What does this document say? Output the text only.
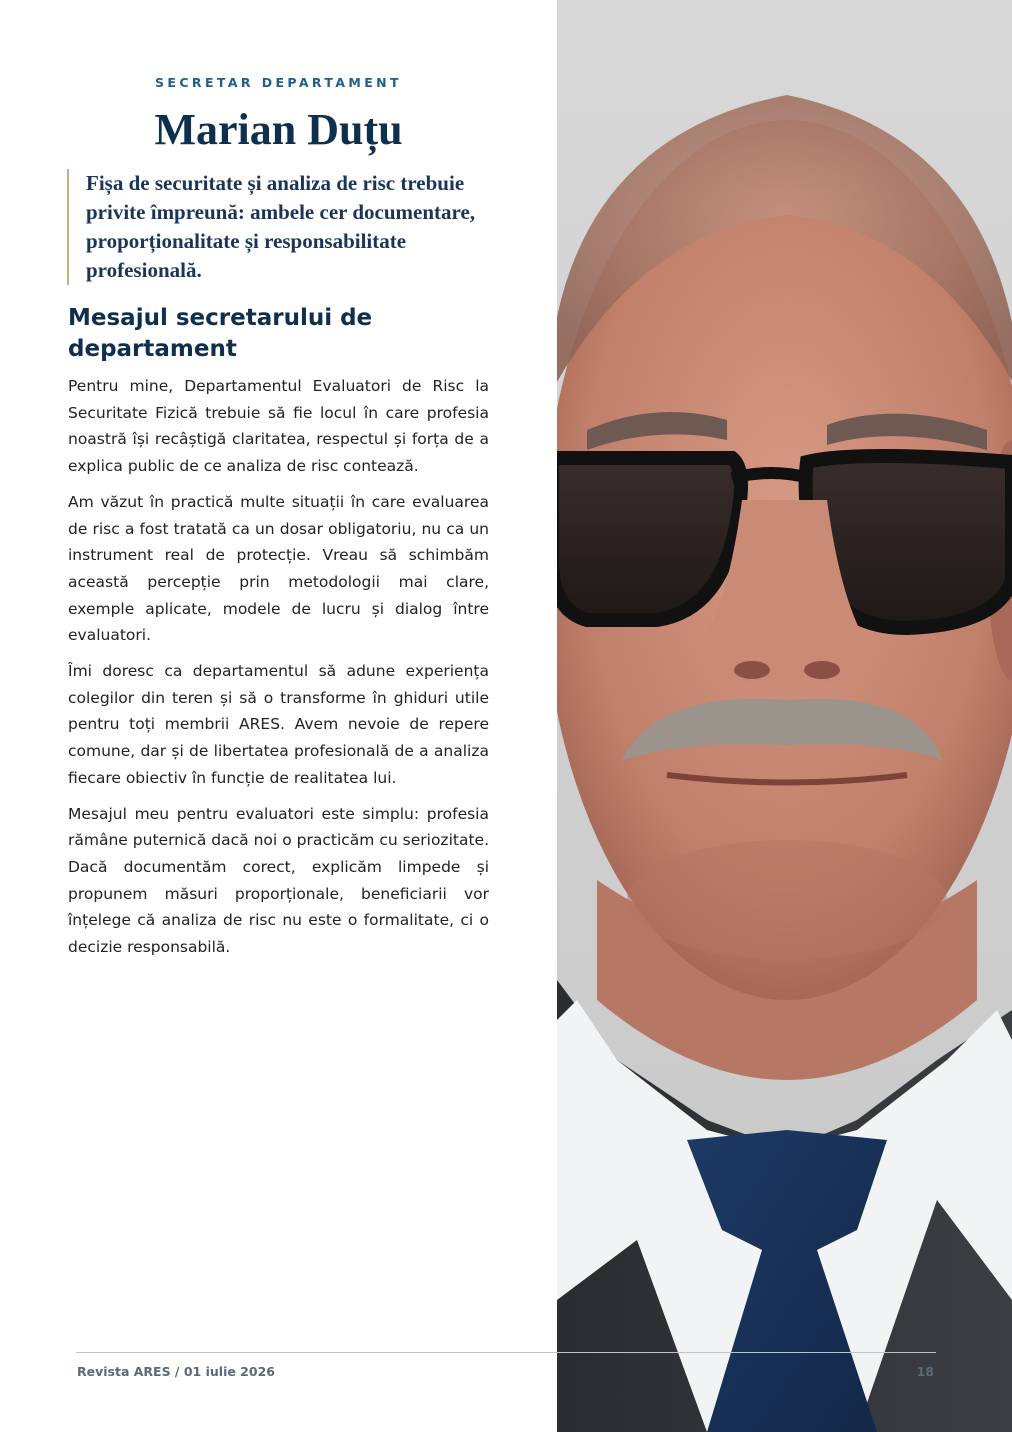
SECRETAR DEPARTAMENT
Marian Duțu
Fișa de securitate și analiza de risc trebuie privite împreună: ambele cer documentare, proporționalitate și responsabilitate profesională.
Mesajul secretarului de departament

Pentru mine, Departamentul Evaluatori de Risc la Securitate Fizică trebuie să fie locul în care profesia noastră își recâștigă claritatea, respectul și forța de a explica public de ce analiza de risc contează.

Am văzut în practică multe situații în care evaluarea de risc a fost tratată ca un dosar obligatoriu, nu ca un instrument real de protecție. Vreau să schimbăm această percepție prin metodologii mai clare, exemple aplicate, modele de lucru și dialog între evaluatori.

Îmi doresc ca departamentul să adune experiența colegilor din teren și să o transforme în ghiduri utile pentru toți membrii ARES. Avem nevoie de repere comune, dar și de libertatea profesională de a analiza fiecare obiectiv în funcție de realitatea lui.

Mesajul meu pentru evaluatori este simplu: profesia rămâne puternică dacă noi o practicăm cu seriozitate. Dacă documentăm corect, explicăm limpede și propunem măsuri proporționale, beneficiarii vor înțelege că analiza de risc nu este o formalitate, ci o decizie responsabilă.

Revista ARES / 01 iulie 2026	18
